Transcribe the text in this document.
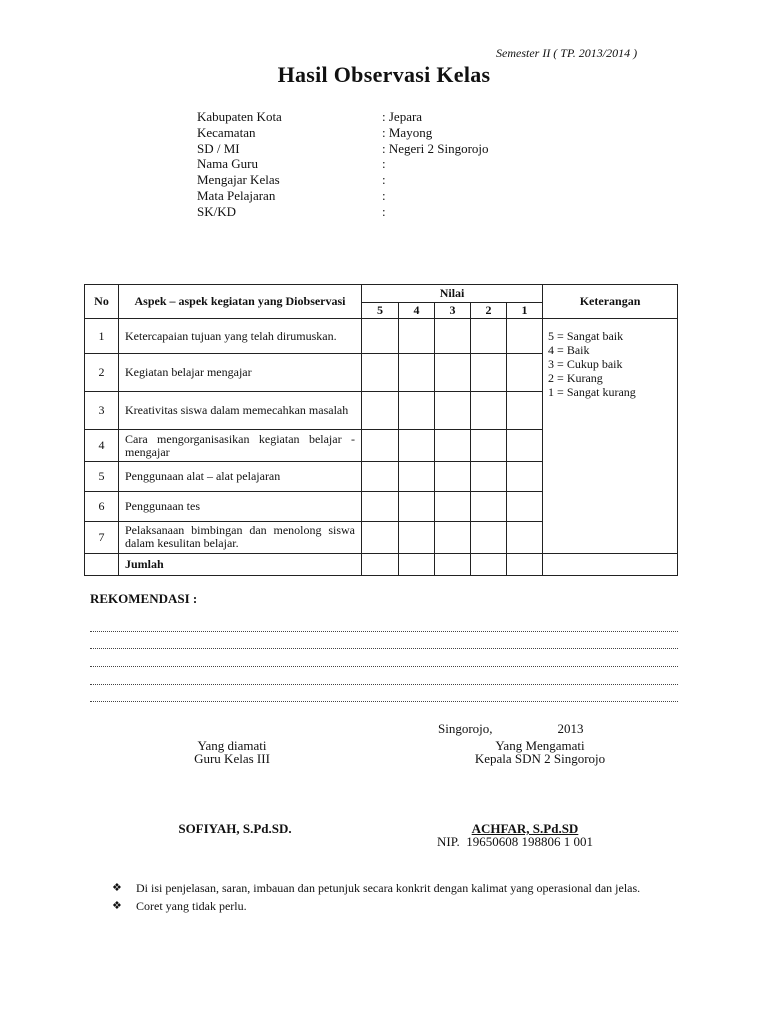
Semester II ( TP. 2013/2014 )
Hasil Observasi Kelas
Kabupaten Kota	: Jepara
Kecamatan	: Mayong
SD / MI	: Negeri 2 Singorojo
Nama Guru	:
Mengajar Kelas	:
Mata Pelajaran	:
SK/KD	:
No	Aspek – aspek kegiatan yang Diobservasi	Nilai					Keterangan
		5	4	3	2	1	
1	Ketercapaian tujuan yang telah dirumuskan.						5 = Sangat baik
4 = Baik
3 = Cukup baik
2 = Kurang
1 = Sangat kurang

2	Kegiatan belajar mengajar						
3	Kreativitas siswa dalam memecahkan masalah						
4	Cara mengorganisasikan kegiatan belajar - mengajar						
5	Penggunaan alat – alat pelajaran						
6	Penggunaan tes						
7	Pelaksanaan bimbingan dan menolong siswa dalam kesulitan belajar.						
	Jumlah						
REKOMENDASI :
Singorojo,                    2013
Yang diamati
Guru Kelas III
Yang Mengamati
Kepala SDN 2 Singorojo
SOFIYAH, S.Pd.SD.	ACHFAR, S.Pd.SD
NIP.  19650608 198806 1 001
❖	Di isi penjelasan, saran, imbauan dan petunjuk secara konkrit dengan kalimat yang operasional dan jelas.
❖	Coret yang tidak perlu.
